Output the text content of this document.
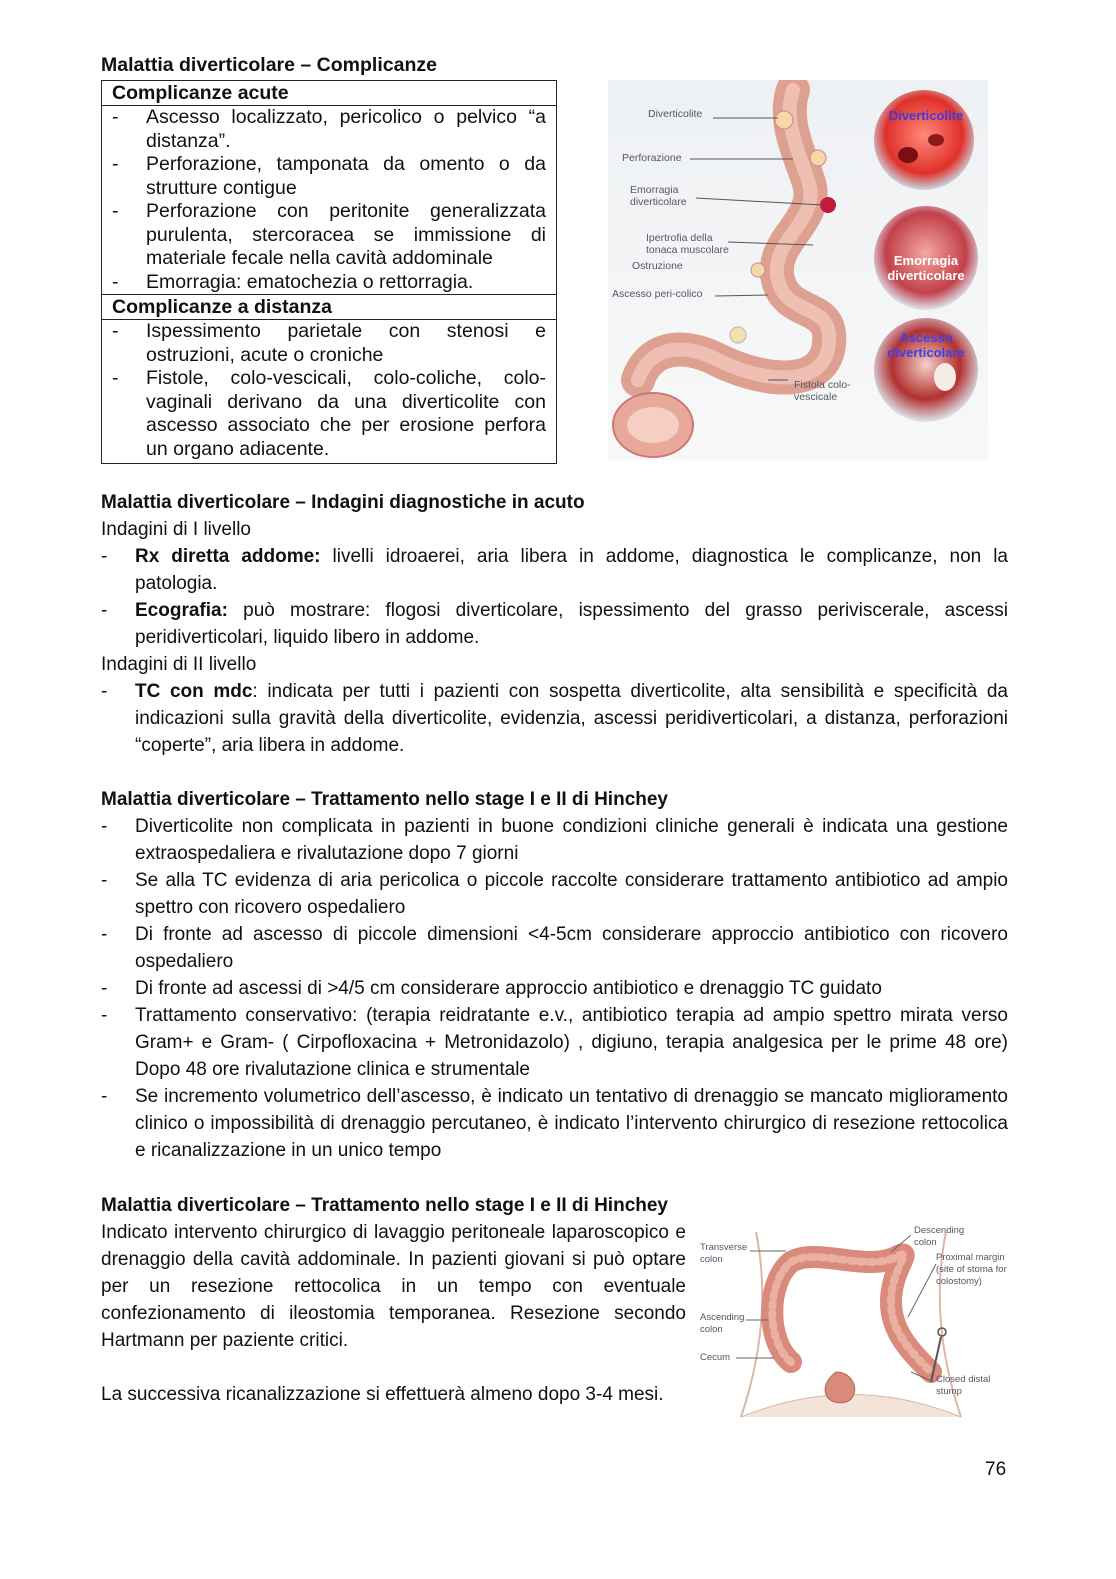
Malattia diverticolare – Complicanze
Complicanze acute
- Ascesso localizzato, pericolico o pelvico “a distanza”.
- Perforazione, tamponata da omento o da strutture contigue
- Perforazione con peritonite generalizzata purulenta, stercoracea se immissione di materiale fecale nella cavità addominale
- Emorragia: ematochezia o rettorragia.
Complicanze a distanza
- Ispessimento parietale con stenosi e ostruzioni, acute o croniche
- Fistole, colo-vescicali, colo-coliche, colo-vaginali derivano da una diverticolite con ascesso associato che per erosione perfora un organo adiacente.
Diverticolite
Perforazione
Emorragia diverticolare
Ipertrofia della tonaca muscolare
Ostruzione
Ascesso peri-colico
Fistola colo-vescicale
Diverticolite
Emorragia diverticolare
Ascesso diverticolare
Malattia diverticolare – Indagini diagnostiche in acuto
Indagini di I livello
- Rx diretta addome: livelli idroaerei, aria libera in addome, diagnostica le complicanze, non la patologia.
- Ecografia: può mostrare: flogosi diverticolare, ispessimento del grasso periviscerale, ascessi peridiverticolari, liquido libero in addome.
Indagini di II livello
- TC con mdc: indicata per tutti i pazienti con sospetta diverticolite, alta sensibilità e specificità da indicazioni sulla gravità della diverticolite, evidenzia, ascessi peridiverticolari, a distanza, perforazioni “coperte”, aria libera in addome.
Malattia diverticolare – Trattamento nello stage I e II di Hinchey
- Diverticolite non complicata in pazienti in buone condizioni cliniche generali è indicata una gestione extraospedaliera e rivalutazione dopo 7 giorni
- Se alla TC evidenza di aria pericolica o piccole raccolte considerare trattamento antibiotico ad ampio spettro con ricovero ospedaliero
- Di fronte ad ascesso di piccole dimensioni <4-5cm considerare approccio antibiotico con ricovero ospedaliero
- Di fronte ad ascessi di >4/5 cm considerare approccio antibiotico e drenaggio TC guidato
- Trattamento conservativo: (terapia reidratante e.v., antibiotico terapia ad ampio spettro mirata verso Gram+ e Gram- ( Cirpofloxacina + Metronidazolo) , digiuno, terapia analgesica per le prime 48 ore) Dopo 48 ore rivalutazione clinica e strumentale
- Se incremento volumetrico dell’ascesso, è indicato un tentativo di drenaggio se mancato miglioramento clinico o impossibilità di drenaggio percutaneo, è indicato l’intervento chirurgico di resezione rettocolica e ricanalizzazione in un unico tempo
Malattia diverticolare – Trattamento nello stage I e II di Hinchey
Indicato intervento chirurgico di lavaggio peritoneale laparoscopico e drenaggio della cavità addominale. In pazienti giovani si può optare per un resezione rettocolica in un tempo con eventuale confezionamento di ileostomia temporanea. Resezione secondo Hartmann per paziente critici.
La successiva ricanalizzazione si effettuerà almeno dopo 3-4 mesi.
Transverse colon
Descending colon
Proximal margin (site of stoma for colostomy)
Ascending colon
Cecum
Closed distal stump
76
